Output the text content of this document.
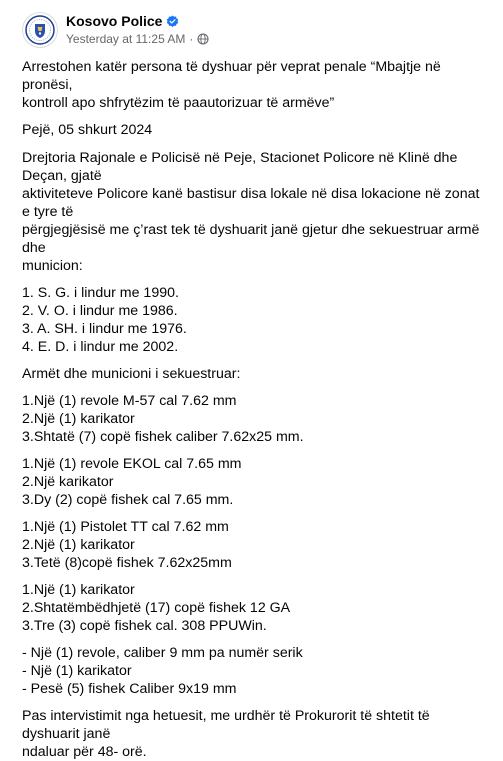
Kosovo Police
Yesterday at 11:25 AM ·

Arrestohen katër persona të dyshuar për veprat penale “Mbajtje në pronësi,

kontroll apo shfrytëzim të paautorizuar të armëve”

Pejë, 05 shkurt 2024

Drejtoria Rajonale e Policisë në Peje, Stacionet Policore në Klinë dhe Deçan, gjatë

aktiviteteve Policore kanë bastisur disa lokale në disa lokacione në zonat e tyre të

përgjegjësisë me ç’rast tek të dyshuarit janë gjetur dhe sekuestruar armë dhe

municion:

1. S. G. i lindur me 1990.

2. V. O. i lindur me 1986.

3. A. SH. i lindur me 1976.

4. E. D. i lindur me 2002.

Armët dhe municioni i sekuestruar:

1.Një (1) revole M-57 cal 7.62 mm

2.Një (1) karikator

3.Shtatë (7) copë fishek caliber 7.62x25 mm.

1.Një (1) revole EKOL cal 7.65 mm

2.Një karikator

3.Dy (2) copë fishek cal 7.65 mm.

1.Një (1) Pistolet TT cal 7.62 mm

2.Një (1) karikator

3.Tetë (8)copë fishek 7.62x25mm

1.Një (1) karikator

2.Shtatëmbëdhjetë (17) copë fishek 12 GA

3.Tre (3) copë fishek cal. 308 PPUWin.

- Një (1) revole, caliber 9 mm pa numër serik

- Një (1) karikator

- Pesë (5) fishek Caliber 9x19 mm

Pas intervistimit nga hetuesit, me urdhër të Prokurorit të shtetit të dyshuarit janë

ndaluar për 48- orë.
